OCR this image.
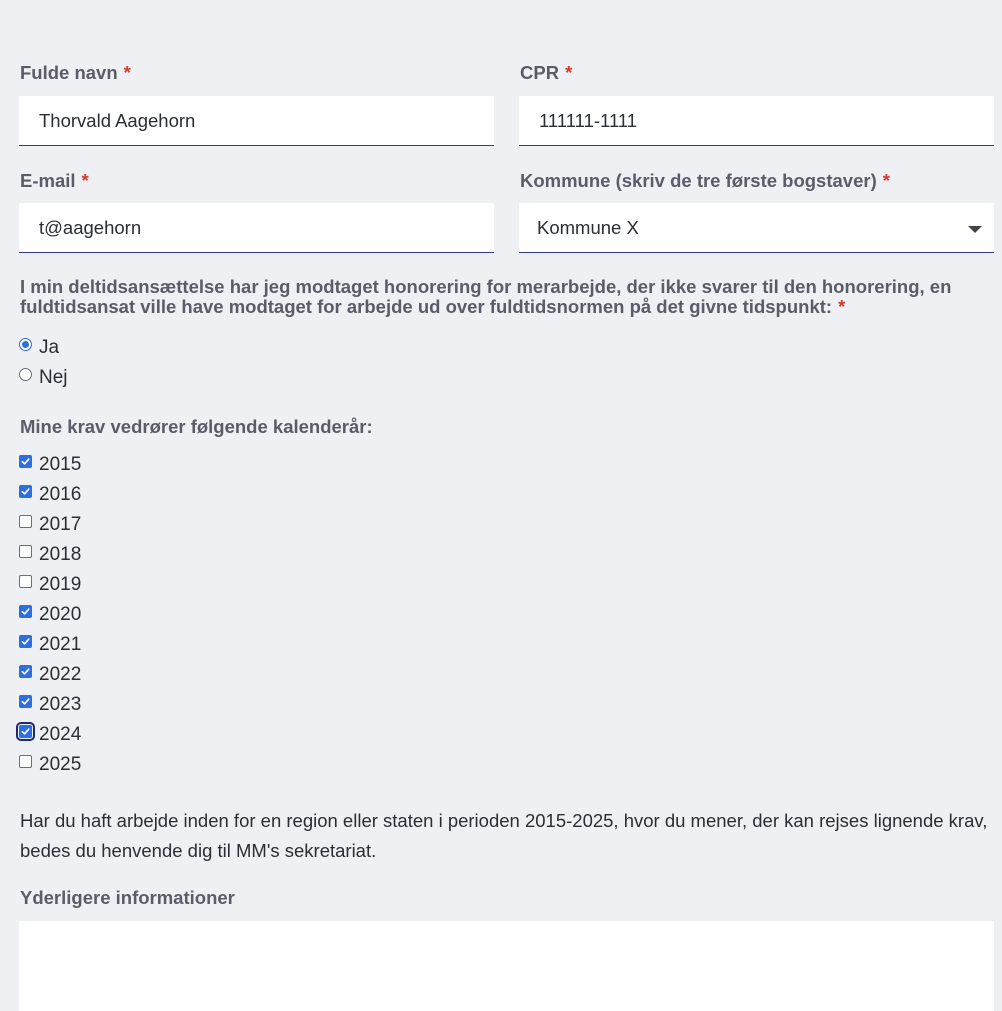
Fulde navn *
Thorvald Aagehorn
CPR *
111111-1111
E-mail *
t@aagehorn
Kommune (skriv de tre første bogstaver) *
Kommune X
I min deltidsansættelse har jeg modtaget honorering for merarbejde, der ikke svarer til den honorering, en fuldtidsansat ville have modtaget for arbejde ud over fuldtidsnormen på det givne tidspunkt: *
Ja
Nej
Mine krav vedrører følgende kalenderår:
2015
2016
2017
2018
2019
2020
2021
2022
2023
2024
2025
Har du haft arbejde inden for en region eller staten i perioden 2015-2025, hvor du mener, der kan rejses lignende krav, bedes du henvende dig til MM's sekretariat.
Yderligere informationer
